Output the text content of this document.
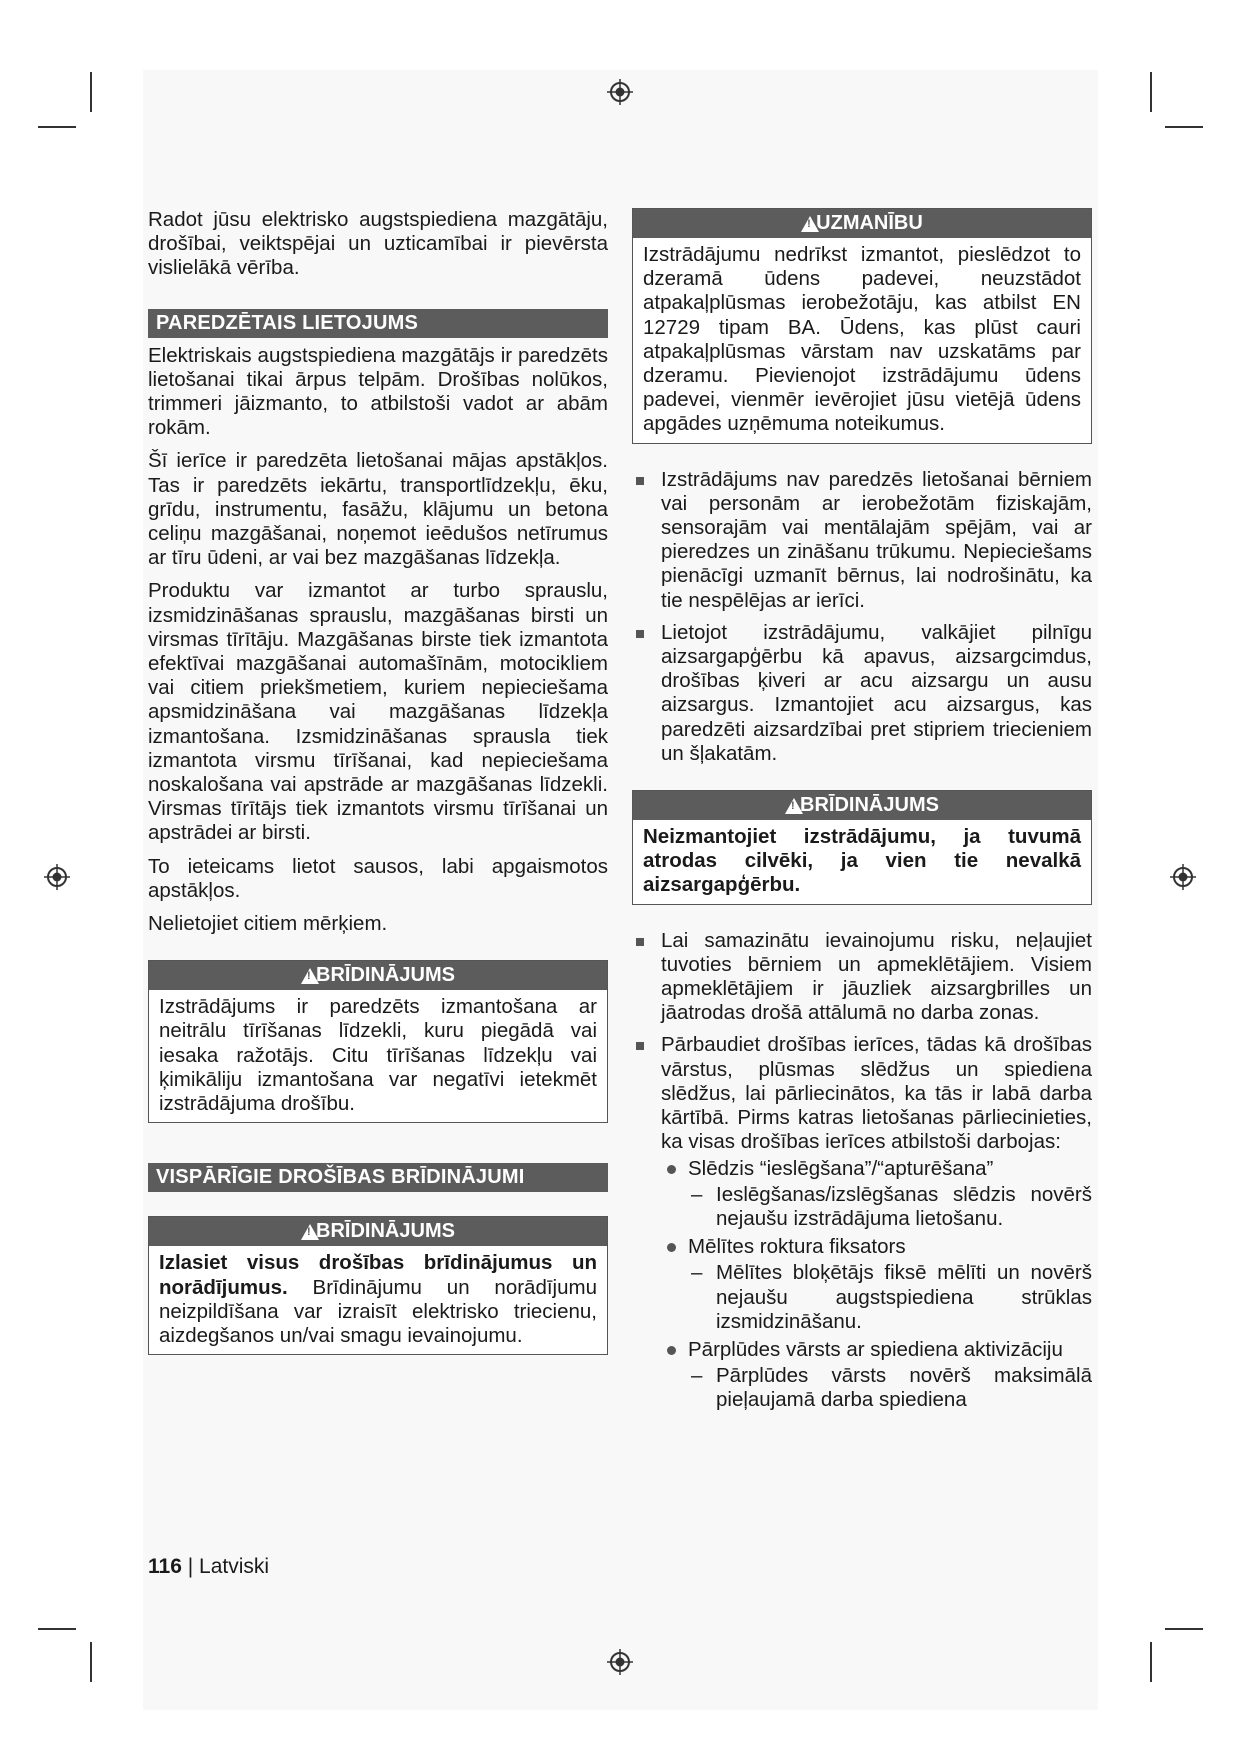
Radot jūsu elektrisko augstspiediena mazgātāju, drošībai, veiktspējai un uzticamībai ir pievērsta vislielākā vērība.

PAREDZĒTAIS LIETOJUMS

Elektriskais augstspiediena mazgātājs ir paredzēts lietošanai tikai ārpus telpām. Drošības nolūkos, trimmeri jāizmanto, to atbilstoši vadot ar abām rokām.

Šī ierīce ir paredzēta lietošanai mājas apstākļos. Tas ir paredzēts iekārtu, transportlīdzekļu, ēku, grīdu, instrumentu, fasāžu, klājumu un betona celiņu mazgāšanai, noņemot ieēdušos netīrumus ar tīru ūdeni, ar vai bez mazgāšanas līdzekļa.

Produktu var izmantot ar turbo sprauslu, izsmidzināšanas sprauslu, mazgāšanas birsti un virsmas tīrītāju. Mazgāšanas birste tiek izmantota efektīvai mazgāšanai automašīnām, motocikliem vai citiem priekšmetiem, kuriem nepieciešama apsmidzināšana vai mazgāšanas līdzekļa izmantošana. Izsmidzināšanas sprausla tiek izmantota virsmu tīrīšanai, kad nepieciešama noskalošana vai apstrāde ar mazgāšanas līdzekli. Virsmas tīrītājs tiek izmantots virsmu tīrīšanai un apstrādei ar birsti.

To ieteicams lietot sausos, labi apgaismotos apstākļos.

Nelietojiet citiem mērķiem.

!
BRĪDINĀJUMS
Izstrādājums ir paredzēts izmantošana ar neitrālu tīrīšanas līdzekli, kuru piegādā vai iesaka ražotājs. Citu tīrīšanas līdzekļu vai ķimikāliju izmantošana var negatīvi ietekmēt izstrādājuma drošību.
VISPĀRĪGIE DROŠĪBAS BRĪDINĀJUMI
!
BRĪDINĀJUMS
Izlasiet visus drošības brīdinājumus un norādījumus. Brīdinājumu un norādījumu neizpildīšana var izraisīt elektrisko triecienu, aizdegšanos un/vai smagu ievainojumu.
!
UZMANĪBU
Izstrādājumu nedrīkst izmantot, pieslēdzot to dzeramā ūdens padevei, neuzstādot atpakaļplūsmas ierobežotāju, kas atbilst EN 12729 tipam BA. Ūdens, kas plūst cauri atpakaļplūsmas vārstam nav uzskatāms par dzeramu. Pievienojot izstrādājumu ūdens padevei, vienmēr ievērojiet jūsu vietējā ūdens apgādes uzņēmuma noteikumus.
Izstrādājums nav paredzēs lietošanai bērniem vai personām ar ierobežotām fiziskajām, sensorajām vai mentālajām spējām, vai ar pieredzes un zināšanu trūkumu. Nepieciešams pienācīgi uzmanīt bērnus, lai nodrošinātu, ka tie nespēlējas ar ierīci.
Lietojot izstrādājumu, valkājiet pilnīgu aizsargapģērbu kā apavus, aizsargcimdus, drošības ķiveri ar acu aizsargu un ausu aizsargus. Izmantojiet acu aizsargus, kas paredzēti aizsardzībai pret stipriem triecieniem un šļakatām.
!
BRĪDINĀJUMS
Neizmantojiet izstrādājumu, ja tuvumā atrodas cilvēki, ja vien tie nevalkā aizsargapģērbu.
Lai samazinātu ievainojumu risku, neļaujiet tuvoties bērniem un apmeklētājiem. Visiem apmeklētājiem ir jāuzliek aizsargbrilles un jāatrodas drošā attālumā no darba zonas.
Pārbaudiet drošības ierīces, tādas kā drošības vārstus, plūsmas slēdžus un spiediena slēdžus, lai pārliecinātos, ka tās ir labā darba kārtībā. Pirms katras lietošanas pārliecinieties, ka visas drošības ierīces atbilstoši darbojas:
Slēdzis “ieslēgšana”/“apturēšana”
– Ieslēgšanas/izslēgšanas slēdzis novērš nejaušu izstrādājuma lietošanu.
Mēlītes roktura fiksators
– Mēlītes bloķētājs fiksē mēlīti un novērš nejaušu augstspiediena strūklas izsmidzināšanu.
Pārplūdes vārsts ar spiediena aktivizāciju
– Pārplūdes vārsts novērš maksimālā pieļaujamā darba spiediena
116 | Latviski
